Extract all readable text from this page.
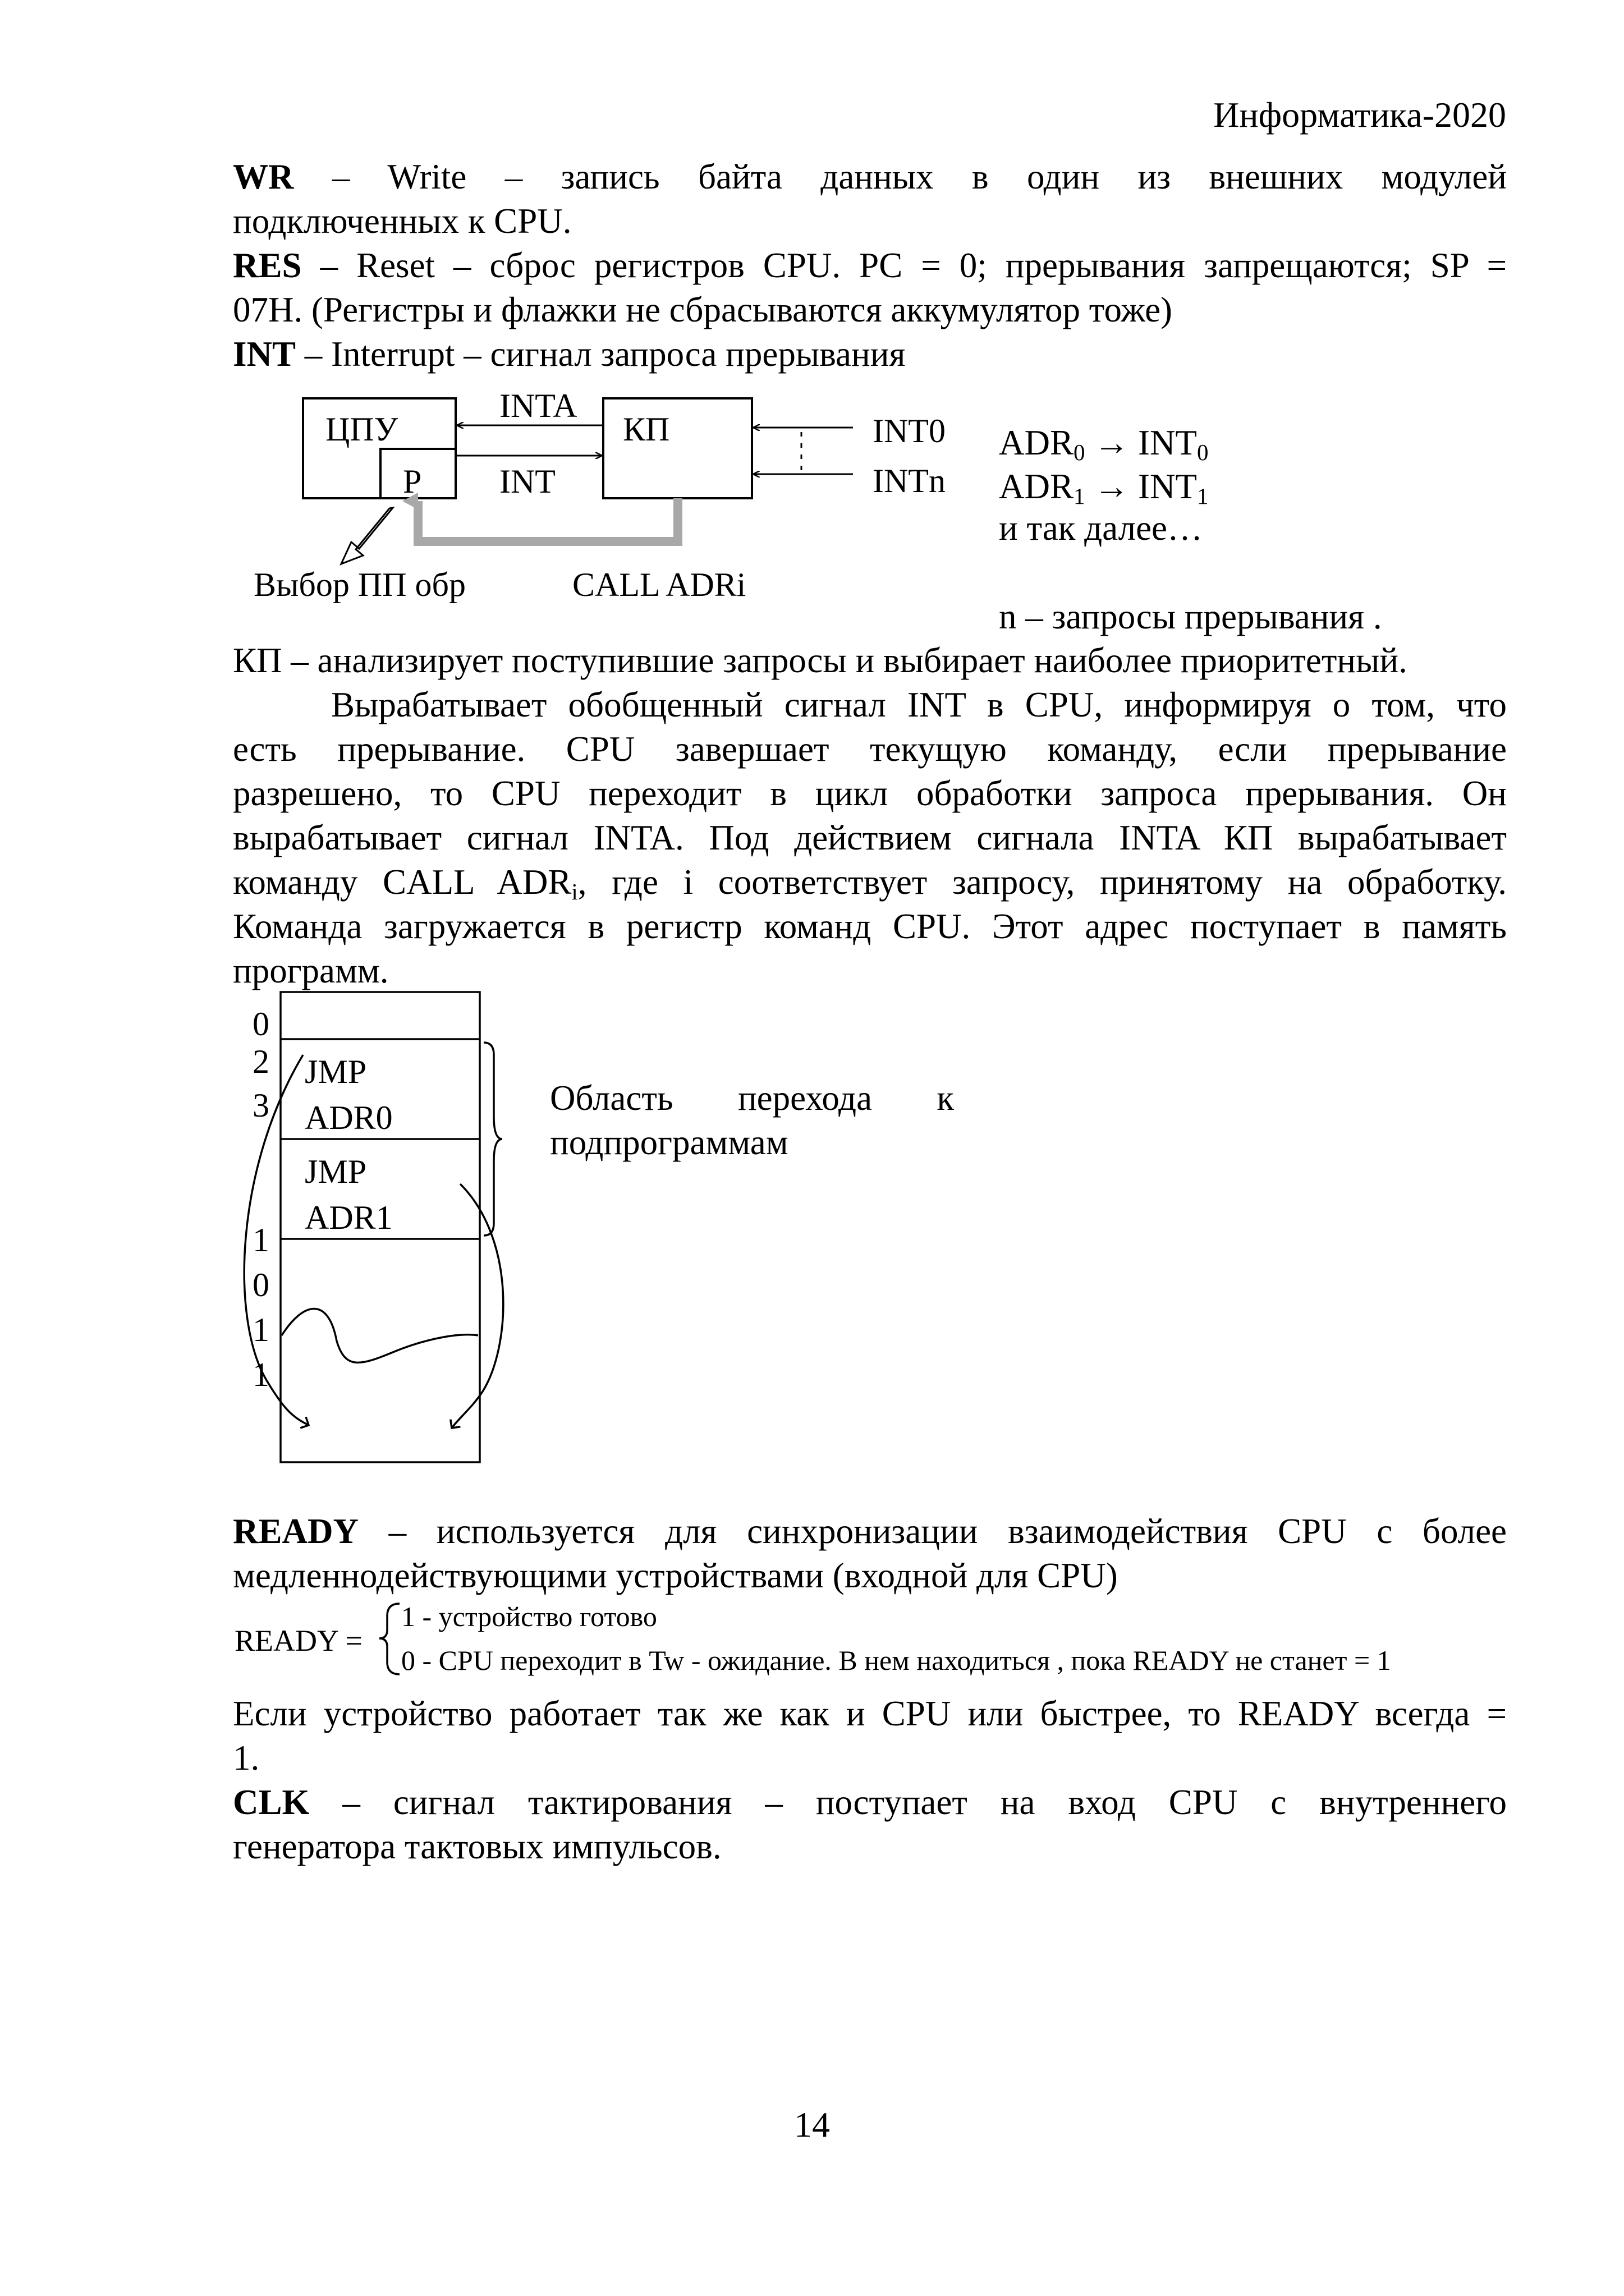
Информатика-2020
WR – Write – запись байта данных в один из внешних модулей
подключенных к CPU.
RES – Reset – сброс регистров CPU. PC = 0; прерывания запрещаются; SP =
07H. (Регистры и флажки не сбрасываются аккумулятор тоже)
INT – Interrupt – сигнал запроса прерывания
ЦПУ
Р
КП
INTA
INT
INT0
INTn
Выбор ПП обр	CALL ADRi
$ADR_0 \to INT_0$
$ADR_1 \to INT_1$
и так далее…
n – запросы прерывания .
КП – анализирует поступившие запросы и выбирает наиболее приоритетный.
Вырабатывает обобщенный сигнал INT в CPU, информируя о том, что
есть прерывание. CPU завершает текущую команду, если прерывание
разрешено, то CPU переходит в цикл обработки запроса прерывания. Он
вырабатывает сигнал INTA. Под действием сигнала INTA КП вырабатывает
команду CALL $ADR_i$, где i соответствует запросу, принятому на обработку.
Команда загружается в регистр команд CPU. Этот адрес поступает в память
программ.
0
2
3
1
0
1
1
JMP
ADR0
JMP
ADR1
Область перехода к
подпрограммам
READY – используется для синхронизации взаимодействия CPU с более
медленнодействующими устройствами (входной для CPU)
READY =
1 - устройство готово
0 - CPU переходит в Tw - ожидание. В нем находиться , пока READY не станет = 1
Если устройство работает так же как и CPU или быстрее, то READY всегда =
1.
CLK – сигнал тактирования – поступает на вход CPU с внутреннего
генератора тактовых импульсов.
14
